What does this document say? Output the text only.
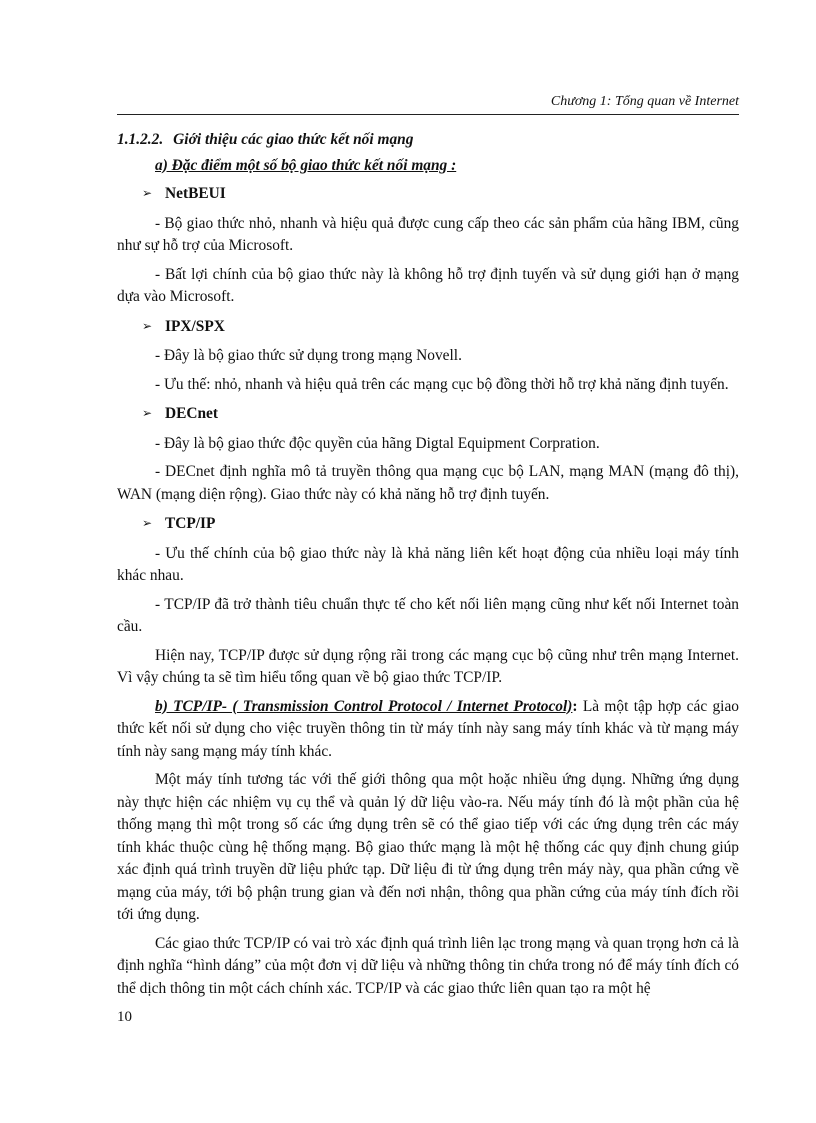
Chương 1: Tổng quan về Internet

1.1.2.2. Giới thiệu các giao thức kết nối mạng

a) Đặc điểm một số bộ giao thức kết nối mạng :

➢ NetBEUI

- Bộ giao thức nhỏ, nhanh và hiệu quả được cung cấp theo các sản phẩm của hãng IBM, cũng như sự hỗ trợ của Microsoft.

- Bất lợi chính của bộ giao thức này là không hỗ trợ định tuyến và sử dụng giới hạn ở mạng dựa vào Microsoft.

➢ IPX/SPX

- Đây là bộ giao thức sử dụng trong mạng Novell.

- Ưu thế: nhỏ, nhanh và hiệu quả trên các mạng cục bộ đồng thời hỗ trợ khả năng định tuyến.

➢ DECnet

- Đây là bộ giao thức độc quyền của hãng Digtal Equipment Corpration.

- DECnet định nghĩa mô tả truyền thông qua mạng cục bộ LAN, mạng MAN (mạng đô thị), WAN (mạng diện rộng). Giao thức này có khả năng hỗ trợ định tuyến.

➢ TCP/IP

- Ưu thế chính của bộ giao thức này là khả năng liên kết hoạt động của nhiều loại máy tính khác nhau.

- TCP/IP đã trở thành tiêu chuẩn thực tế cho kết nối liên mạng cũng như kết nối Internet toàn cầu.

Hiện nay, TCP/IP được sử dụng rộng rãi trong các mạng cục bộ cũng như trên mạng Internet. Vì vậy chúng ta sẽ tìm hiểu tổng quan về bộ giao thức TCP/IP.

b) TCP/IP- ( Transmission Control Protocol / Internet Protocol): Là một tập hợp các giao thức kết nối sử dụng cho việc truyền thông tin từ máy tính này sang máy tính khác và từ mạng máy tính này sang mạng máy tính khác.

Một máy tính tương tác với thế giới thông qua một hoặc nhiều ứng dụng. Những ứng dụng này thực hiện các nhiệm vụ cụ thể và quản lý dữ liệu vào-ra. Nếu máy tính đó là một phần của hệ thống mạng thì một trong số các ứng dụng trên sẽ có thể giao tiếp với các ứng dụng trên các máy tính khác thuộc cùng hệ thống mạng. Bộ giao thức mạng là một hệ thống các quy định chung giúp xác định quá trình truyền dữ liệu phức tạp. Dữ liệu đi từ ứng dụng trên máy này, qua phần cứng về mạng của máy, tới bộ phận trung gian và đến nơi nhận, thông qua phần cứng của máy tính đích rồi tới ứng dụng.

Các giao thức TCP/IP có vai trò xác định quá trình liên lạc trong mạng và quan trọng hơn cả là định nghĩa “hình dáng” của một đơn vị dữ liệu và những thông tin chứa trong nó để máy tính đích có thể dịch thông tin một cách chính xác. TCP/IP và các giao thức liên quan tạo ra một hệ

10
